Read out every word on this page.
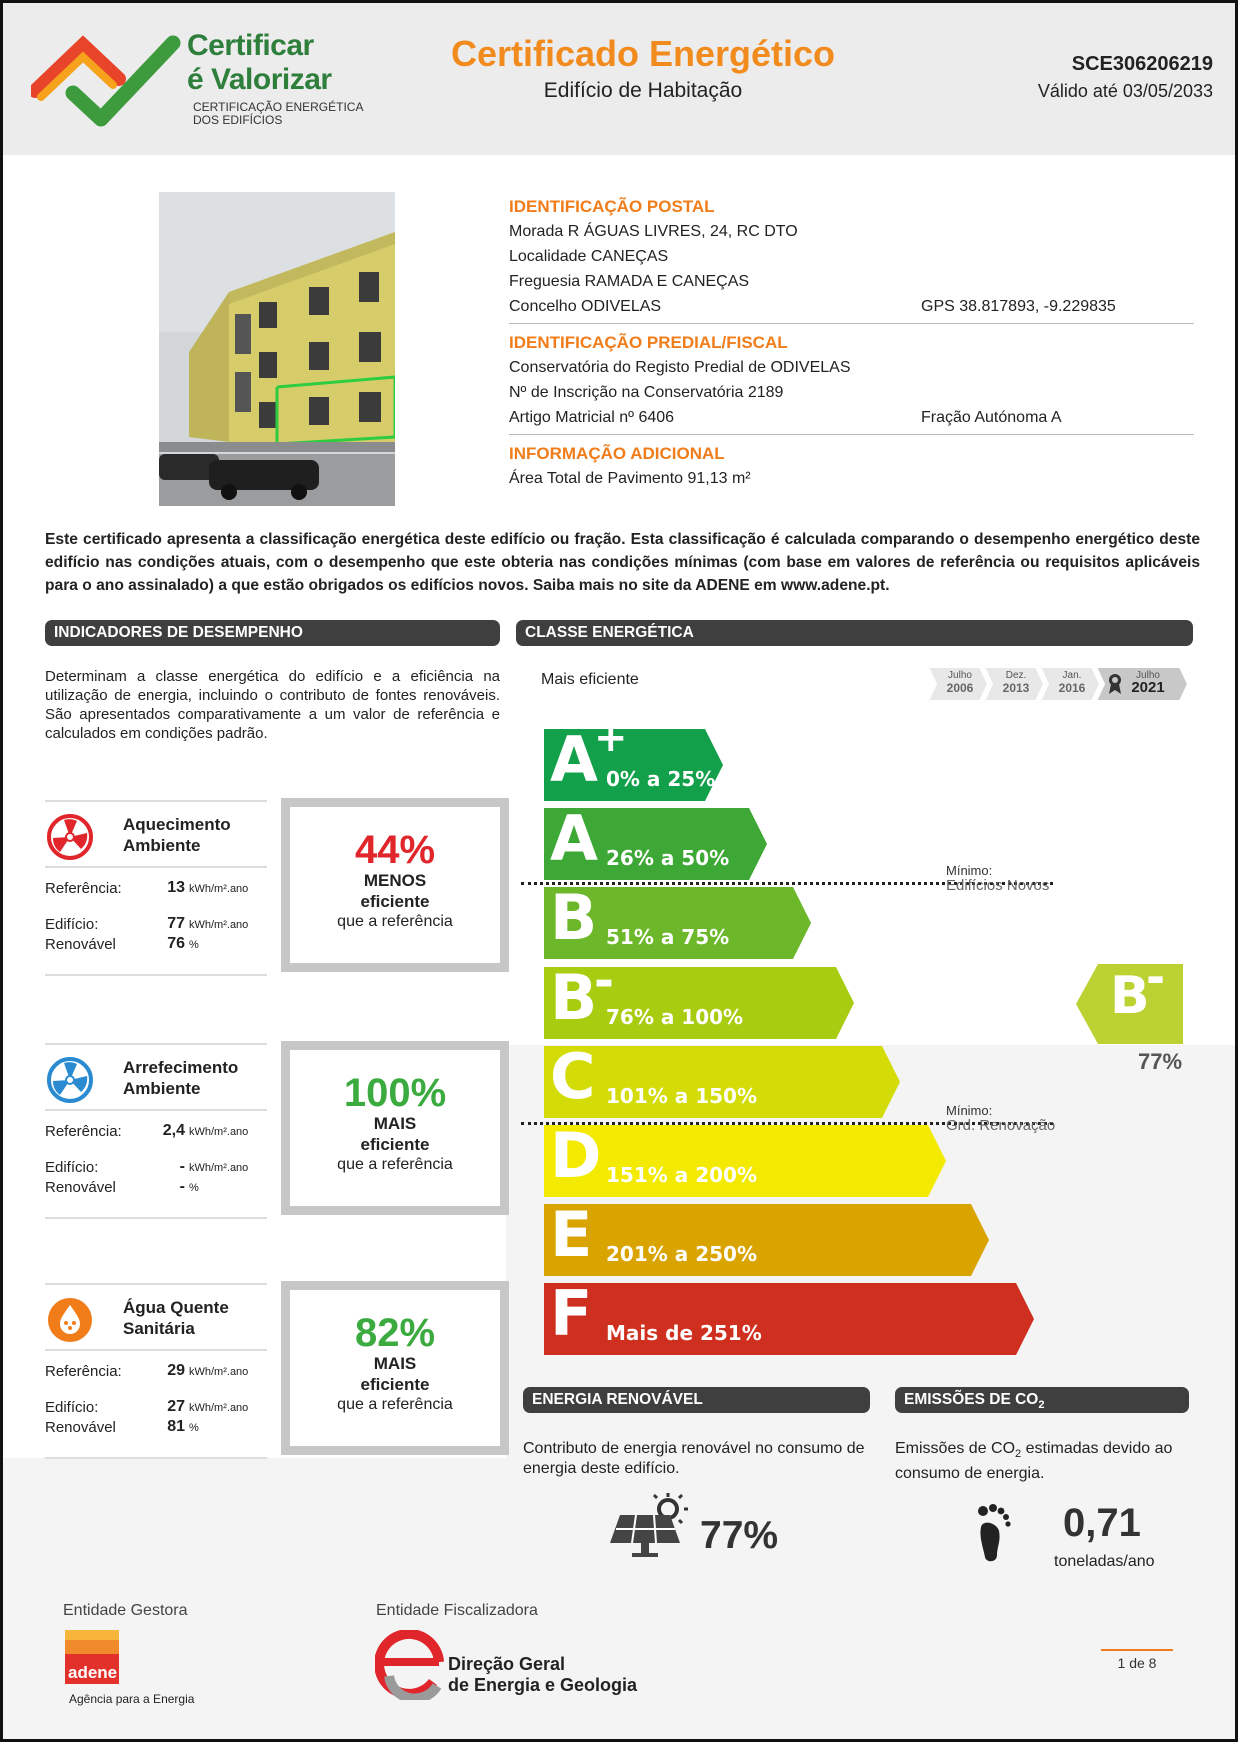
Certificar
é Valorizar
CERTIFICAÇÃO ENERGÉTICA DOS EDIFÍCIOS
Certificado Energético
Edifício de Habitação
SCE306206219
Válido até 03/05/2033
IDENTIFICAÇÃO POSTAL
Morada R ÁGUAS LIVRES, 24, RC DTO
Localidade CANEÇAS
Freguesia RAMADA E CANEÇAS
Concelho ODIVELAS	GPS 38.817893, -9.229835
IDENTIFICAÇÃO PREDIAL/FISCAL
Conservatória do Registo Predial de ODIVELAS
Nº de Inscrição na Conservatória 2189
Artigo Matricial nº 6406	Fração Autónoma A
INFORMAÇÃO ADICIONAL
Área Total de Pavimento 91,13 m²
Este certificado apresenta a classificação energética deste edifício ou fração. Esta classificação é calculada comparando o desempenho energético deste edifício nas condições atuais, com o desempenho que este obteria nas condições mínimas (com base em valores de referência ou requisitos aplicáveis para o ano assinalado) a que estão obrigados os edifícios novos. Saiba mais no site da ADENE em www.adene.pt.
INDICADORES DE DESEMPENHO
Determinam a classe energética do edifício e a eficiência na utilização de energia, incluindo o contributo de fontes renováveis. São apresentados comparativamente a um valor de referência e calculados em condições padrão.
Aquecimento Ambiente
Referência:	13 kWh/m².ano
Edifício:	77 kWh/m².ano
Renovável	76 %
44%
MENOS
eficiente
que a referência
Arrefecimento Ambiente
Referência:	2,4 kWh/m².ano
Edifício:	- kWh/m².ano
Renovável	- %
100%
MAIS
eficiente
que a referência
Água Quente Sanitária
Referência:	29 kWh/m².ano
Edifício:	27 kWh/m².ano
Renovável	81 %
82%
MAIS
eficiente
que a referência
CLASSE ENERGÉTICA
Mais eficiente	Julho
2006
Dez.
2013
Jan.
2016
Julho
2021
A
+
0% a 25%
A 26% a 50%
B 51% a 75%
B
-
76% a 100%
C 101% a 150%
D 151% a 200%
E 201% a 250%
F Mais de 251%
Mínimo:
Edifícios Novos
Mínimo:
Grd. Renovação
B
-
77%
ENERGIA RENOVÁVEL	EMISSÕES DE $CO_2$
Contributo de energia renovável no consumo de energia deste edifício.
Emissões de $CO_2$ estimadas devido ao consumo de energia.
77%	0,71
toneladas/ano
Entidade Gestora	Entidade Fiscalizadora
adene
Agência para a Energia
Direção Geral
de Energia e Geologia
1 de 8
